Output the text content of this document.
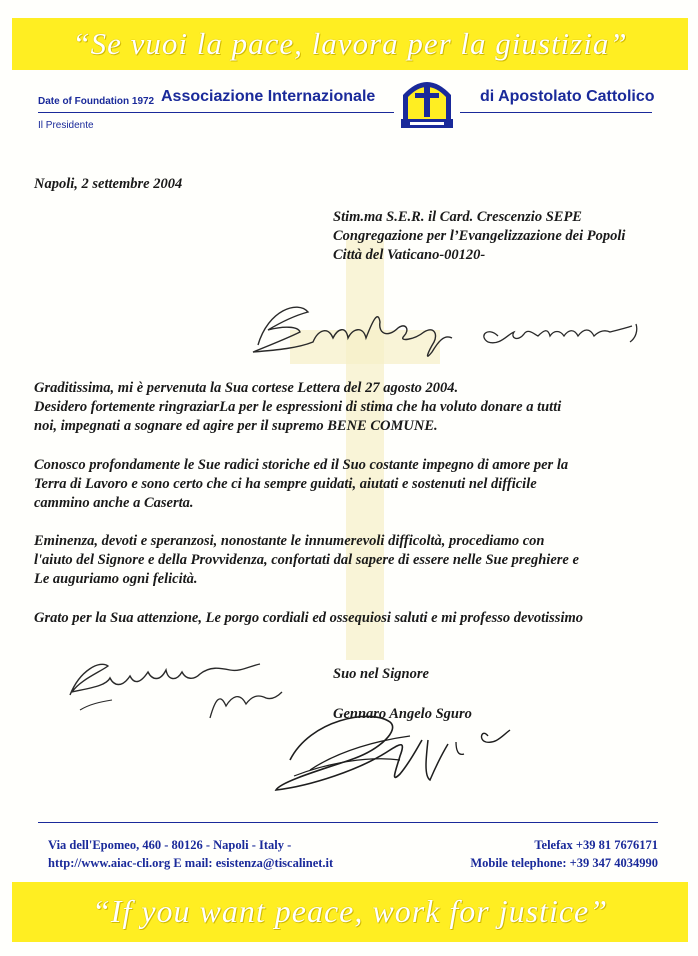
“Se vuoi la pace, lavora per la giustizia”
Date of Foundation 1972 Associazione Internazionale	di Apostolato Cattolico
Il Presidente
Napoli, 2 settembre 2004
Stim.ma S.E.R. il Card. Crescenzio SEPE
Congregazione per l’Evangelizzazione dei Popoli
Città del Vaticano-00120-
Graditissima, mi è pervenuta la Sua cortese Lettera del 27 agosto 2004.
Desidero fortemente ringraziarLa per le espressioni di stima che ha voluto donare a tutti
noi, impegnati a sognare ed agire per il supremo BENE COMUNE.
Conosco profondamente le Sue radici storiche ed il Suo costante impegno di amore per la
Terra di Lavoro e sono certo che ci ha sempre guidati, aiutati e sostenuti nel difficile
cammino anche a Caserta.
Eminenza, devoti e speranzosi, nonostante le innumerevoli difficoltà, procediamo con
l'aiuto del Signore e della Provvidenza, confortati dal sapere di essere nelle Sue preghiere e
Le auguriamo ogni felicità.
Grato per la Sua attenzione, Le porgo cordiali ed ossequiosi saluti e mi professo devotissimo
Suo nel Signore
Gennaro Angelo Sguro
Via dell'Epomeo, 460 - 80126 - Napoli - Italy -
http://www.aiac-cli.org E mail: esistenza@tiscalinet.it
Telefax +39 81 7676171
Mobile telephone: +39 347 4034990
“If you want peace, work for justice”
